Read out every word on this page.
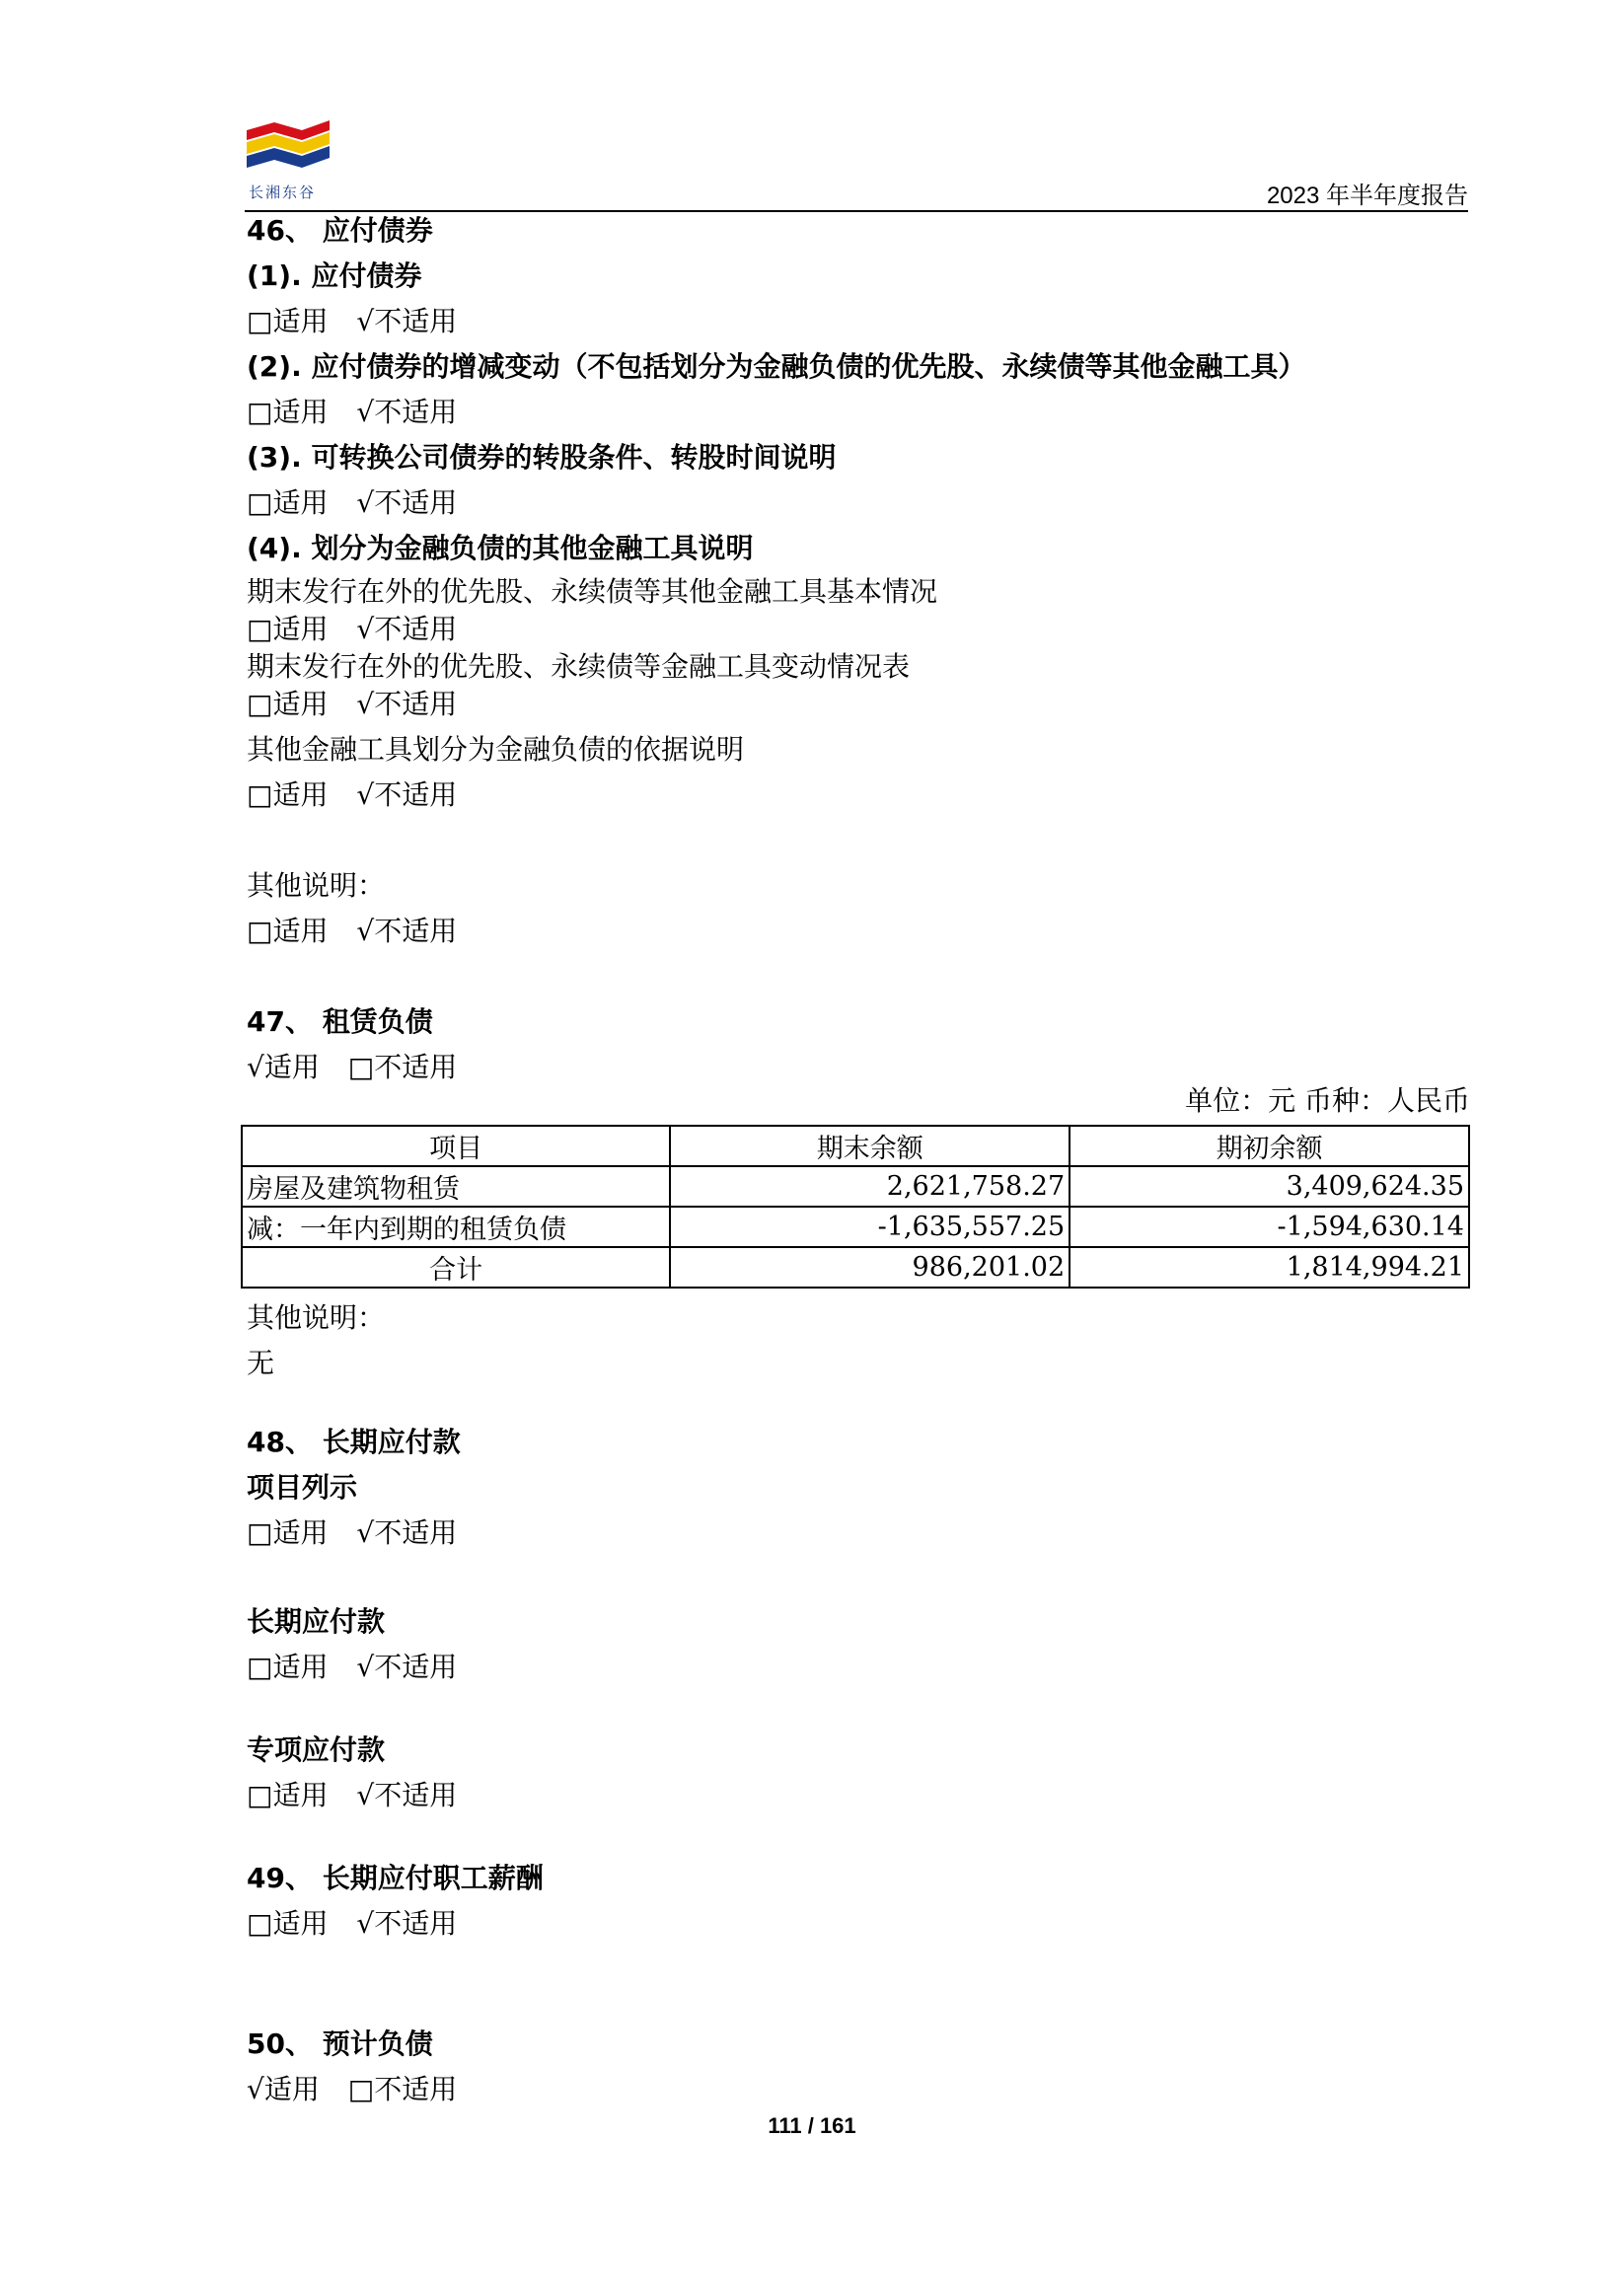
长湘东谷	2023 年半年度报告
46、 应付债券
(1). 应付债券
□适用 √不适用
(2). 应付债券的增减变动（不包括划分为金融负债的优先股、永续债等其他金融工具）
□适用 √不适用
(3). 可转换公司债券的转股条件、转股时间说明
□适用 √不适用
(4). 划分为金融负债的其他金融工具说明
期末发行在外的优先股、永续债等其他金融工具基本情况
□适用 √不适用
期末发行在外的优先股、永续债等金融工具变动情况表
□适用 √不适用
其他金融工具划分为金融负债的依据说明
□适用 √不适用
其他说明：
□适用 √不适用
47、 租赁负债
√适用 □不适用
单位：元 币种：人民币
项目	期末余额	期初余额
房屋及建筑物租赁	2,621,758.27	3,409,624.35
减：一年内到期的租赁负债	-1,635,557.25	-1,594,630.14
合计	986,201.02	1,814,994.21
其他说明：
无
48、 长期应付款
项目列示
□适用 √不适用
长期应付款
□适用 √不适用
专项应付款
□适用 √不适用
49、 长期应付职工薪酬
□适用 √不适用
50、 预计负债
√适用 □不适用
111 / 161
